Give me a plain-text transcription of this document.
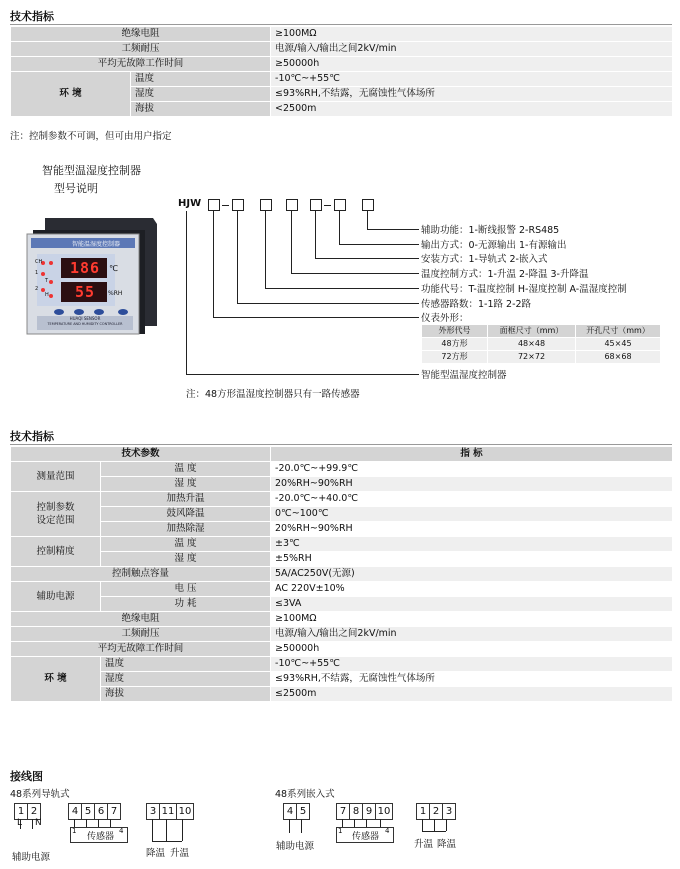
技术指标
绝缘电阻		≥100MΩ
工频耐压		电源/输入/输出之间2kV/min
平均无故障工作时间		≥50000h
环 境	温度	-10℃~+55℃
	湿度	≤93%RH,不结露，无腐蚀性气体场所
	海拔	<2500m
注：控制参数不可调，但可由用户指定
智能型温湿度控制器
型号说明
智能温湿度控制器
186
55
℃
%RH
CH
1
T
2
H
HUAQI SENSOR
TEMPERATURE AND HUMIDITY CONTROLLER
HJW
辅助功能：1-断线报警 2-RS485
输出方式：0-无源输出 1-有源输出
安装方式：1-导轨式 2-嵌入式
温度控制方式：1-升温 2-降温 3-升降温
功能代号：T-温度控制 H-湿度控制 A-温湿度控制
传感器路数：1-1路 2-2路
仪表外形：
外形代号	面框尺寸（mm）	开孔尺寸（mm）
48方形	48×48	45×45
72方形	72×72	68×68
智能型温湿度控制器
注：48方形温湿度控制器只有一路传感器
技术指标
技术参数		指 标
测量范围	温 度	-20.0℃~+99.9℃
	湿 度	20%RH~90%RH
控制参数
设定范围	加热升温	-20.0℃~+40.0℃
	鼓风降温	0℃~100℃
	加热除湿	20%RH~90%RH
控制精度	温 度	±3℃
	湿 度	±5%RH
控制触点容量		5A/AC250V(无源)
辅助电源	电 压	AC 220V±10%
	功 耗	≤3VA
绝缘电阻		≥100MΩ
工频耐压		电源/输入/输出之间2kV/min
平均无故障工作时间		≥50000h
环 境	温度	-10℃~+55℃
	湿度	≤93%RH,不结露，无腐蚀性气体场所
	海拔	≤2500m
接线图
48系列导轨式
1 2
L N
辅助电源
4 5 6 7
1
传感器
4
3 11 10
降温 升温
48系列嵌入式
4 5
辅助电源
7 8 9 10
1
传感器
4
1 2 3
升温 降温
